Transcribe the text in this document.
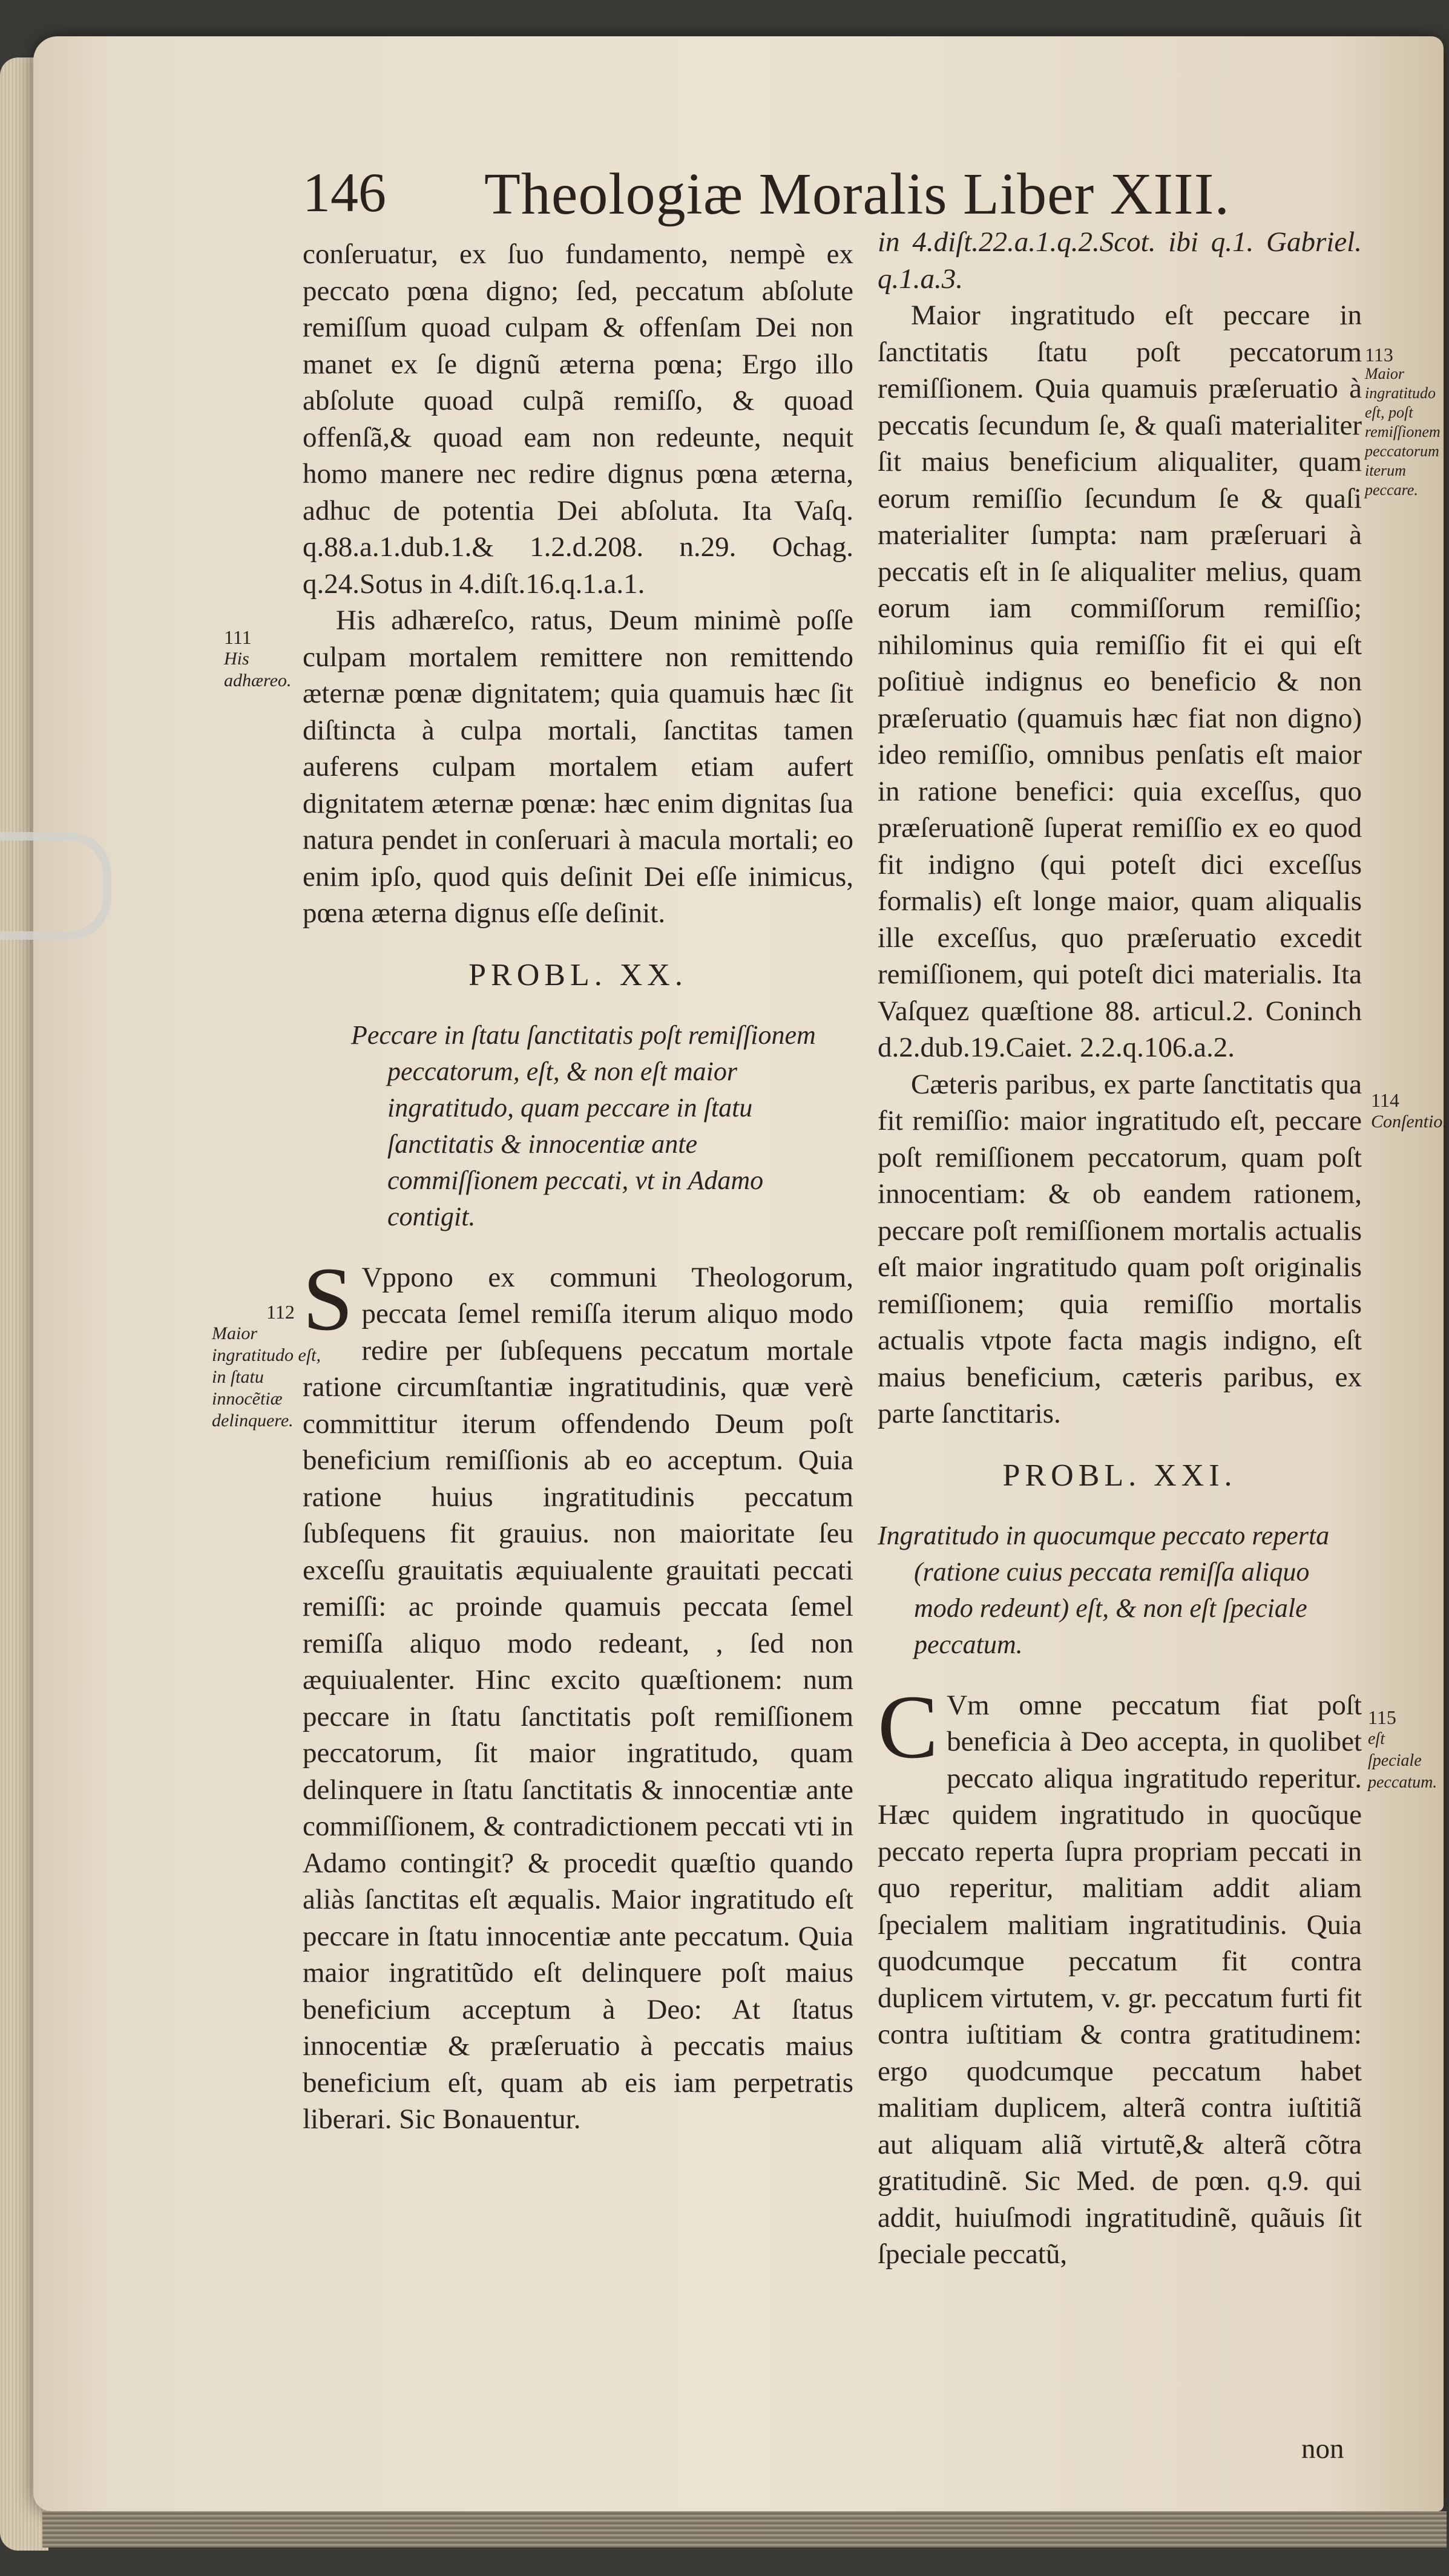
146 Theologiæ Moralis Liber XIII.

conſeruatur, ex ſuo fundamento, nempè ex peccato pœna digno; ſed, peccatum abſolute remiſſum quoad culpam & offenſam Dei non manet ex ſe dignũ æterna pœna; Ergo illo abſolute quoad culpã remiſſo, & quoad offenſã,& quoad eam non redeunte, nequit homo manere nec redire dignus pœna æterna, adhuc de potentia Dei abſoluta. Ita Vaſq. q.88.a.1.dub.1.& 1.2.d.208. n.29. Ochag. q.24.Sotus in 4.diſt.16.q.1.a.1.

His adhæreſco, ratus, Deum minimè poſſe culpam mortalem remittere non remittendo æternæ pœnæ dignitatem; quia quamuis hæc ſit diſtincta à culpa mortali, ſanctitas tamen auferens culpam mortalem etiam aufert dignitatem æternæ pœnæ: hæc enim dignitas ſua natura pendet in conſeruari à macula mortali; eo enim ipſo, quod quis deſinit Dei eſſe inimicus, pœna æterna dignus eſſe deſinit.

PROBL. XX.

Peccare in ſtatu ſanctitatis poſt remiſſionem peccatorum, eſt, & non eſt maior ingratitudo, quam peccare in ſtatu ſanctitatis & innocentiæ ante commiſſionem peccati, vt in Adamo contigit.

S Vppono ex communi Theologorum, peccata ſemel remiſſa iterum aliquo modo redire per ſubſequens peccatum mortale ratione circumſtantiæ ingratitudinis, quæ verè committitur iterum offendendo Deum poſt beneficium remiſſionis ab eo acceptum. Quia ratione huius ingratitudinis peccatum ſubſequens fit grauius. non maioritate ſeu exceſſu grauitatis æquiualente grauitati peccati remiſſi: ac proinde quamuis peccata ſemel remiſſa aliquo modo redeant, , ſed non æquiualenter. Hinc excito quæſtionem: num peccare in ſtatu ſanctitatis poſt remiſſionem peccatorum, ſit maior ingratitudo, quam delinquere in ſtatu ſanctitatis & innocentiæ ante commiſſionem, & contradictionem peccati vti in Adamo contingit? & procedit quæſtio quando aliàs ſanctitas eſt æqualis. Maior ingratitudo eſt peccare in ſtatu innocentiæ ante peccatum. Quia maior ingratitũdo eſt delinquere poſt maius beneficium acceptum à Deo: At ſtatus innocentiæ & præſeruatio à peccatis maius beneficium eſt, quam ab eis iam perpetratis liberari. Sic Bonauentur.

in 4.diſt.22.a.1.q.2.Scot. ibi q.1. Gabriel. q.1.a.3.

Maior ingratitudo eſt peccare in ſanctitatis ſtatu poſt peccatorum remiſſionem. Quia quamuis præſeruatio à peccatis ſecundum ſe, & quaſi materialiter ſit maius beneficium aliqualiter, quam eorum remiſſio ſecundum ſe & quaſi materialiter ſumpta: nam præſeruari à peccatis eſt in ſe aliqualiter melius, quam eorum iam commiſſorum remiſſio; nihilominus quia remiſſio fit ei qui eſt poſitiuè indignus eo beneficio & non præſeruatio (quamuis hæc fiat non digno) ideo remiſſio, omnibus penſatis eſt maior in ratione benefici: quia exceſſus, quo præſeruationẽ ſuperat remiſſio ex eo quod fit indigno (qui poteſt dici exceſſus formalis) eſt longe maior, quam aliqualis ille exceſſus, quo præſeruatio excedit remiſſionem, qui poteſt dici materialis. Ita Vaſquez quæſtione 88. articul.2. Coninch d.2.dub.19.Caiet. 2.2.q.106.a.2.

Cæteris paribus, ex parte ſanctitatis qua fit remiſſio: maior ingratitudo eſt, peccare poſt remiſſionem peccatorum, quam poſt innocentiam: & ob eandem rationem, peccare poſt remiſſionem mortalis actualis eſt maior ingratitudo quam poſt originalis remiſſionem; quia remiſſio mortalis actualis vtpote facta magis indigno, eſt maius beneficium, cæteris paribus, ex parte ſanctitaris.

PROBL. XXI.

Ingratitudo in quocumque peccato reperta (ratione cuius peccata remiſſa aliquo modo redeunt) eſt, & non eſt ſpeciale peccatum.

C Vm omne peccatum fiat poſt beneficia à Deo accepta, in quolibet peccato aliqua ingratitudo reperitur. Hæc quidem ingratitudo in quocũque peccato reperta ſupra propriam peccati in quo reperitur, malitiam addit aliam ſpecialem malitiam ingratitudinis. Quia quodcumque peccatum fit contra duplicem virtutem, v. gr. peccatum furti fit contra iuſtitiam & contra gratitudinem: ergo quodcumque peccatum habet malitiam duplicem, alterã contra iuſtitiã aut aliquam aliã virtutẽ,& alterã cõtra gratitudinẽ. Sic Med. de pœn. q.9. qui addit, huiuſmodi ingratitudinẽ, quãuis ſit ſpeciale peccatũ,

non
111
His adhæreo.
112
Maior ingratitudo eſt, in ſtatu innocẽtiæ delinquere.
113
Maior ingratitudo eſt, poſt remiſſionem peccatorum iterum peccare.
114
Conſentio.
115
eſt ſpeciale peccatum.
